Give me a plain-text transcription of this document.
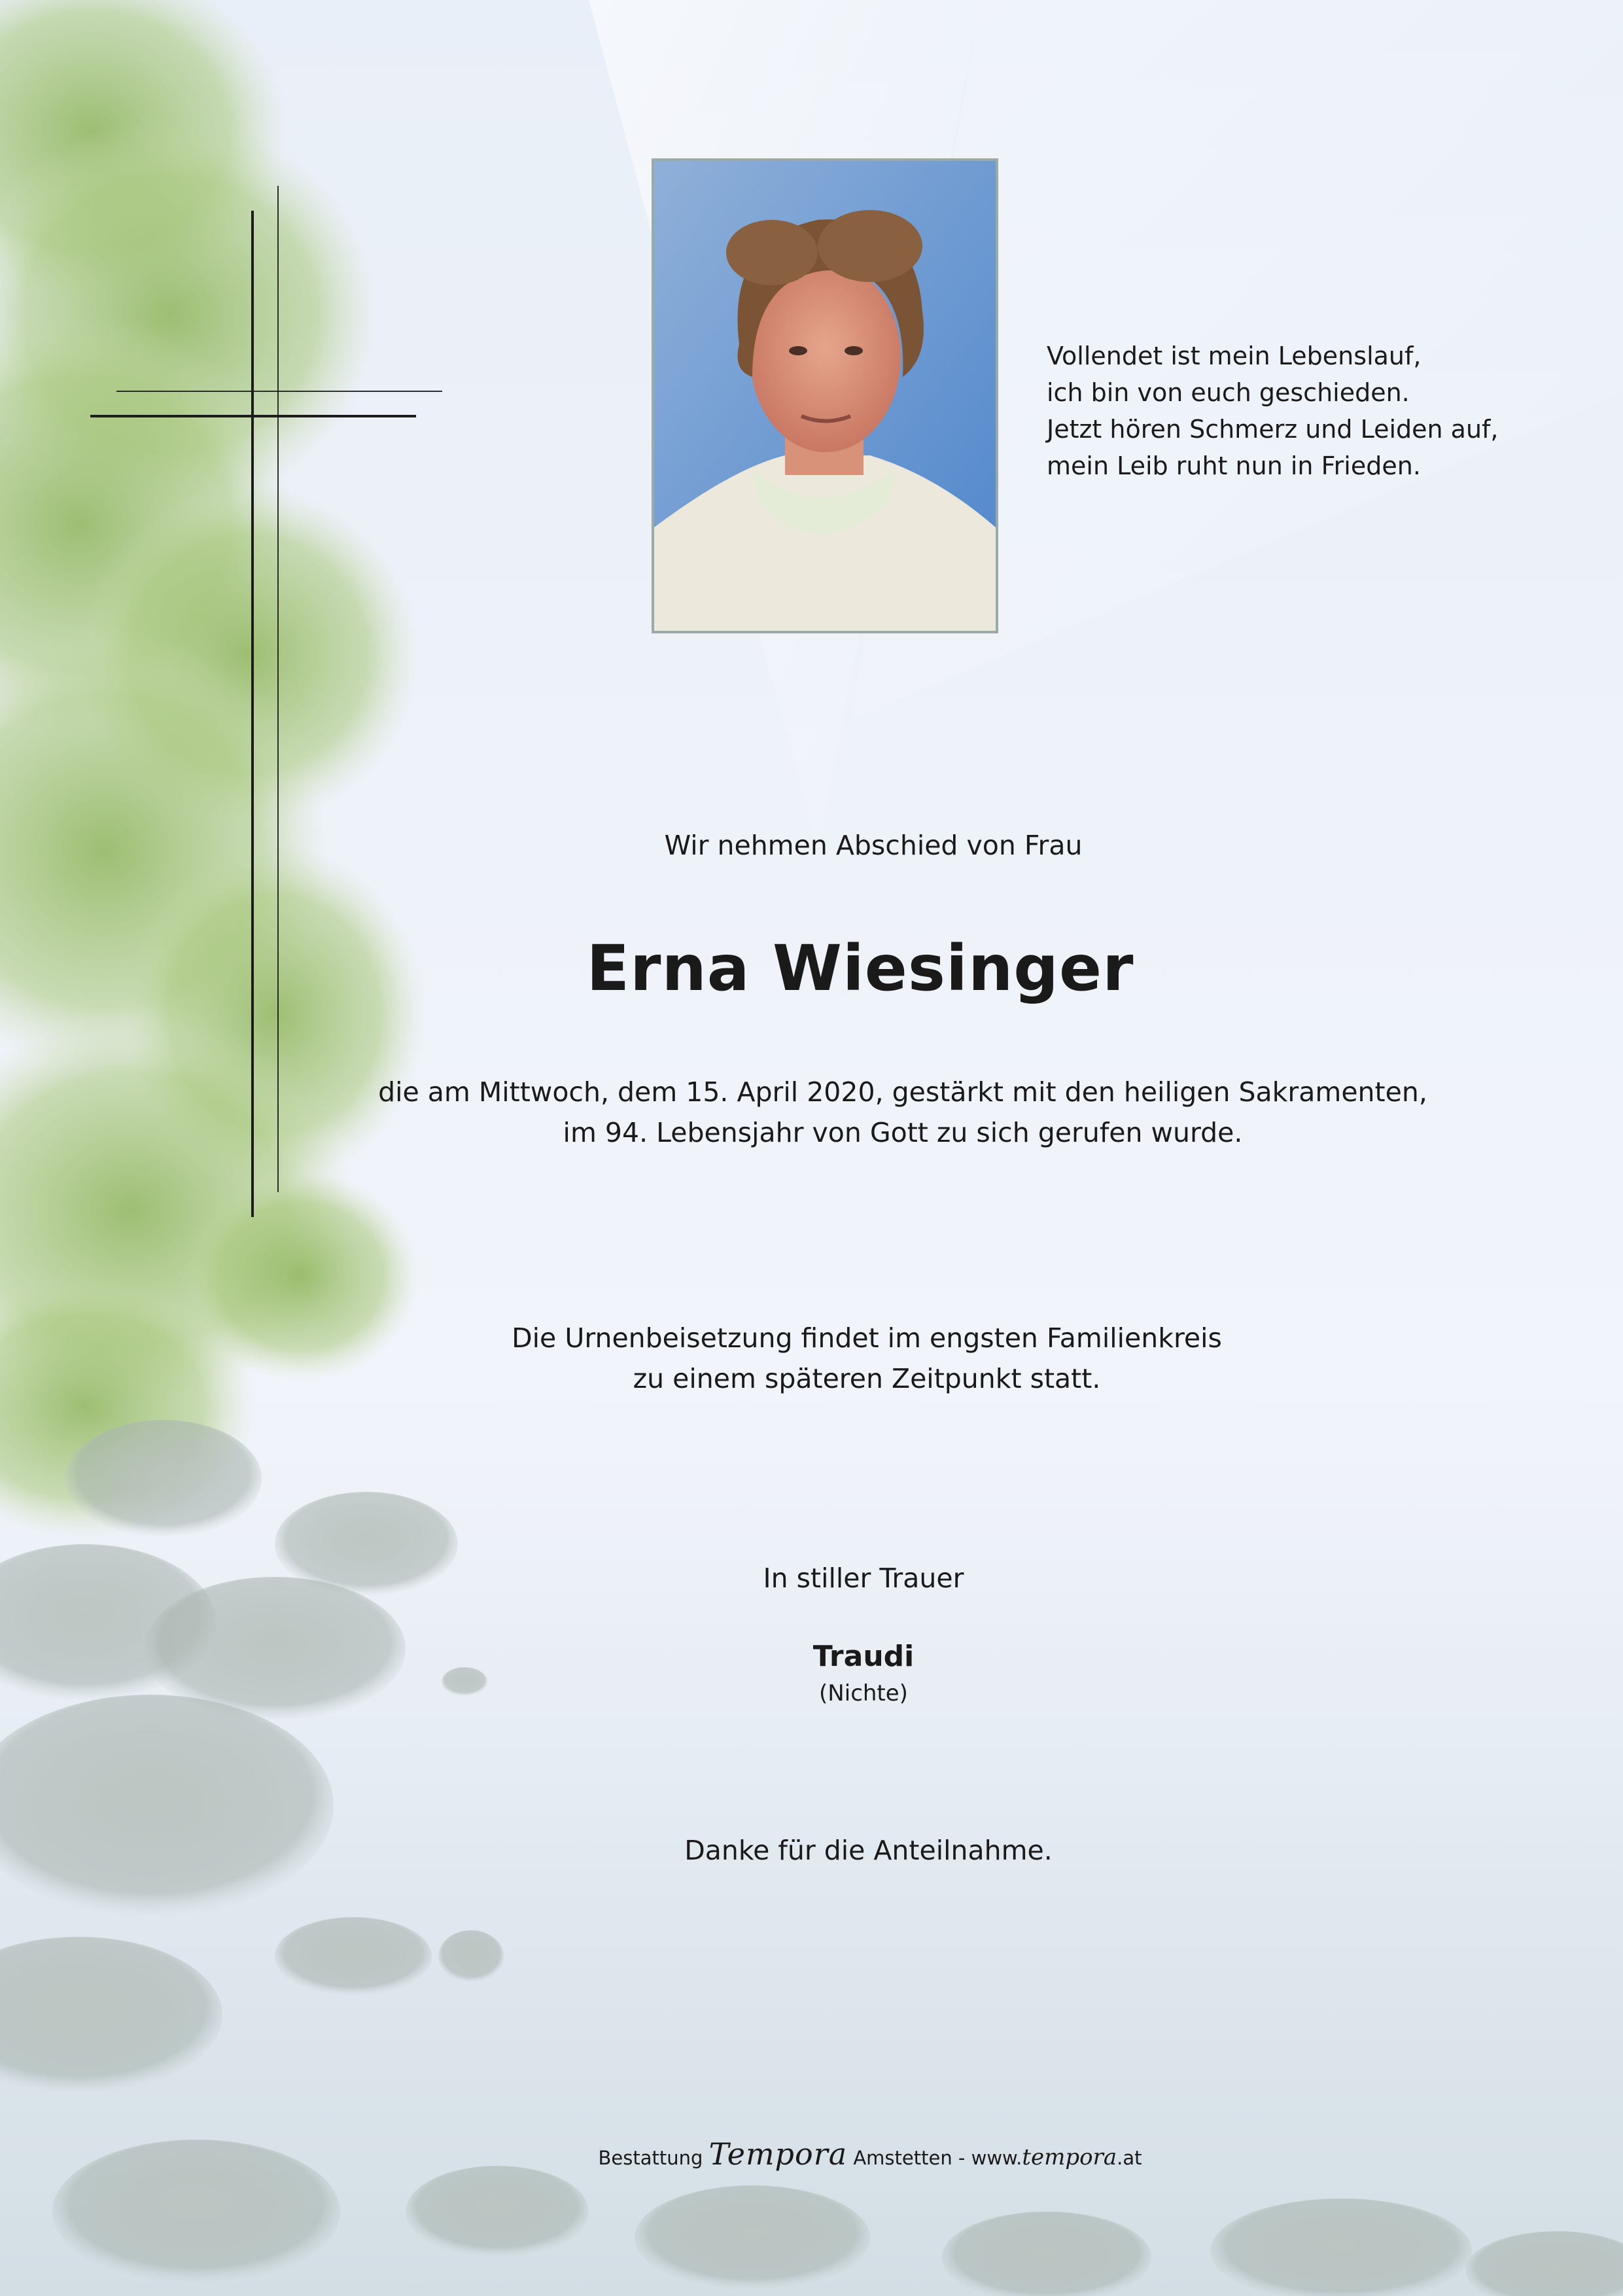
Vollendet ist mein Lebenslauf,
ich bin von euch geschieden.
Jetzt hören Schmerz und Leiden auf,
mein Leib ruht nun in Frieden.
Wir nehmen Abschied von Frau
Erna Wiesinger
die am Mittwoch, dem 15. April 2020, gestärkt mit den heiligen Sakramenten,
im 94. Lebensjahr von Gott zu sich gerufen wurde.
Die Urnenbeisetzung findet im engsten Familienkreis
zu einem späteren Zeitpunkt statt.
In stiller Trauer
Traudi
(Nichte)
Danke für die Anteilnahme.
Bestattung Tempora Amstetten - www.tempora.at
